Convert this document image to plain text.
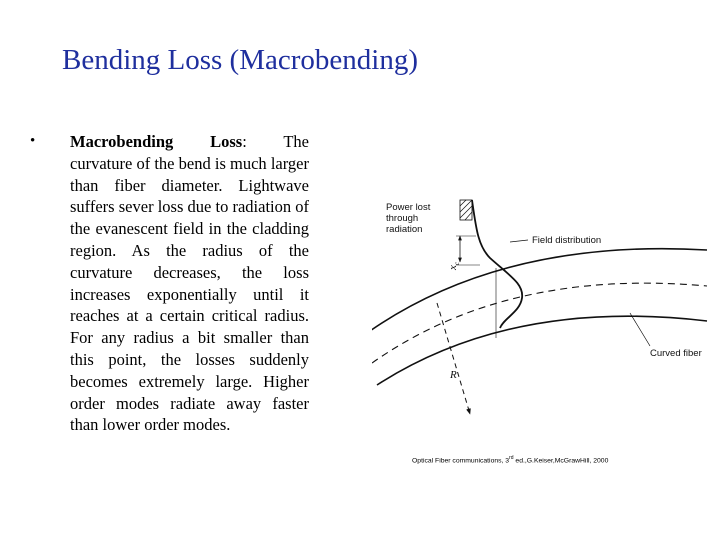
Bending Loss (Macrobending)
• Macrobending Loss: The curvature of the bend is much larger than fiber diameter. Lightwave suffers sever loss due to radiation of the evanescent field in the cladding region. As the radius of the curvature decreases, the loss increases exponentially until it reaches at a certain critical radius. For any radius a bit smaller than this point, the losses suddenly becomes extremely large. Higher order modes radiate away faster than lower order modes.
Power lost
through
radiation
Field distribution
$x_c$
R
Curved fiber
Optical Fiber communications, 3rd ed.,G.Keiser,McGrawHill, 2000
